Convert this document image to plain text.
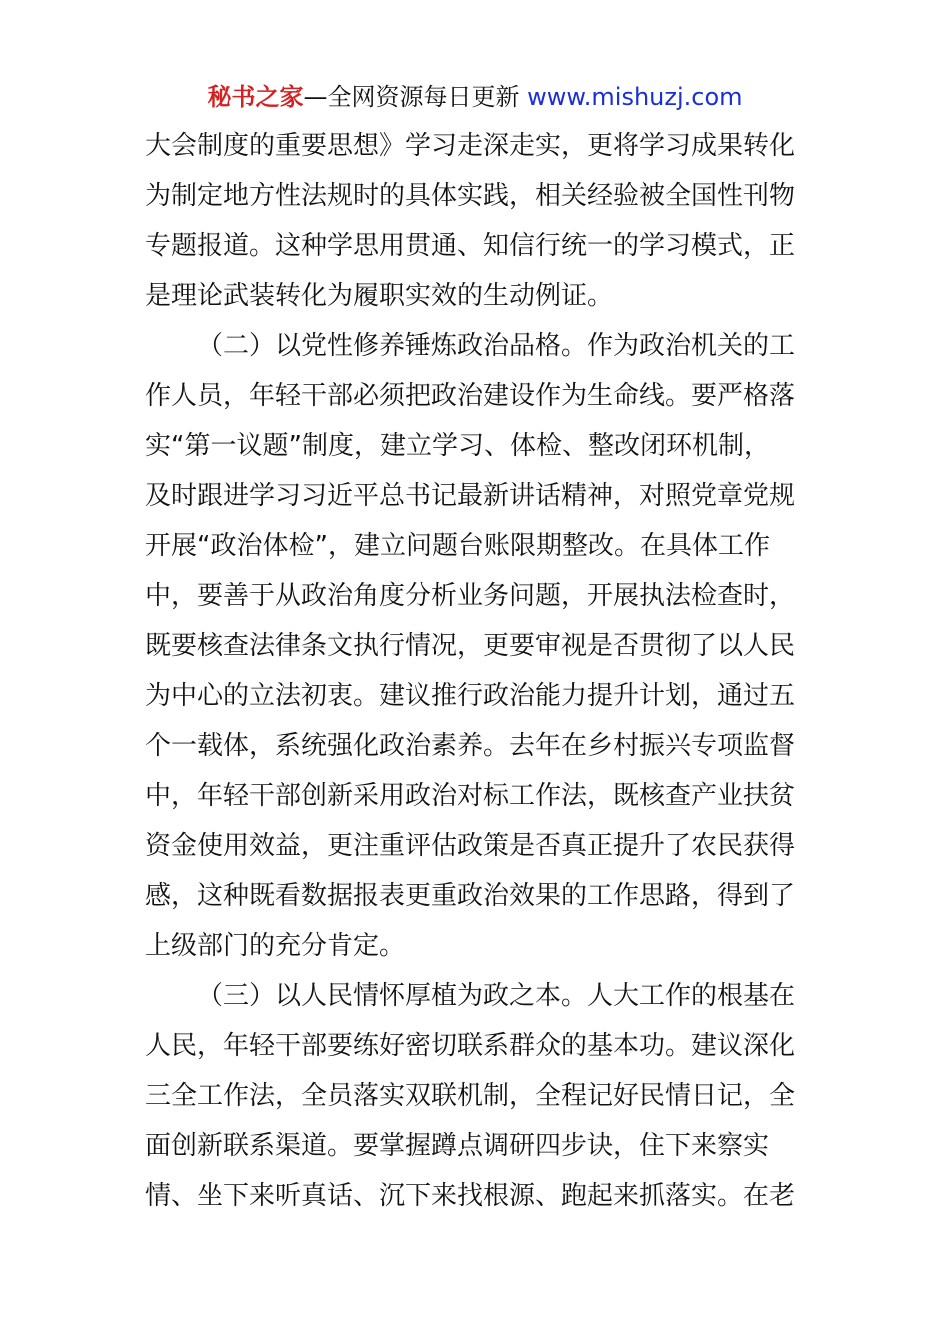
秘书之家—全网资源每日更新 www.mishuzj.com
大会制度的重要思想》学习走深走实，更将学习成果转化
为制定地方性法规时的具体实践，相关经验被全国性刊物
专题报道。这种学思用贯通、知信行统一的学习模式，正
是理论武装转化为履职实效的生动例证。
（二）以党性修养锤炼政治品格。作为政治机关的工
作人员，年轻干部必须把政治建设作为生命线。要严格落
实“第一议题”制度，建立学习、体检、整改闭环机制，
及时跟进学习习近平总书记最新讲话精神，对照党章党规
开展“政治体检”，建立问题台账限期整改。在具体工作
中，要善于从政治角度分析业务问题，开展执法检查时，
既要核查法律条文执行情况，更要审视是否贯彻了以人民
为中心的立法初衷。建议推行政治能力提升计划，通过五
个一载体，系统强化政治素养。去年在乡村振兴专项监督
中，年轻干部创新采用政治对标工作法，既核查产业扶贫
资金使用效益，更注重评估政策是否真正提升了农民获得
感，这种既看数据报表更重政治效果的工作思路，得到了
上级部门的充分肯定。
（三）以人民情怀厚植为政之本。人大工作的根基在
人民，年轻干部要练好密切联系群众的基本功。建议深化
三全工作法，全员落实双联机制，全程记好民情日记，全
面创新联系渠道。要掌握蹲点调研四步诀，住下来察实
情、坐下来听真话、沉下来找根源、跑起来抓落实。在老
